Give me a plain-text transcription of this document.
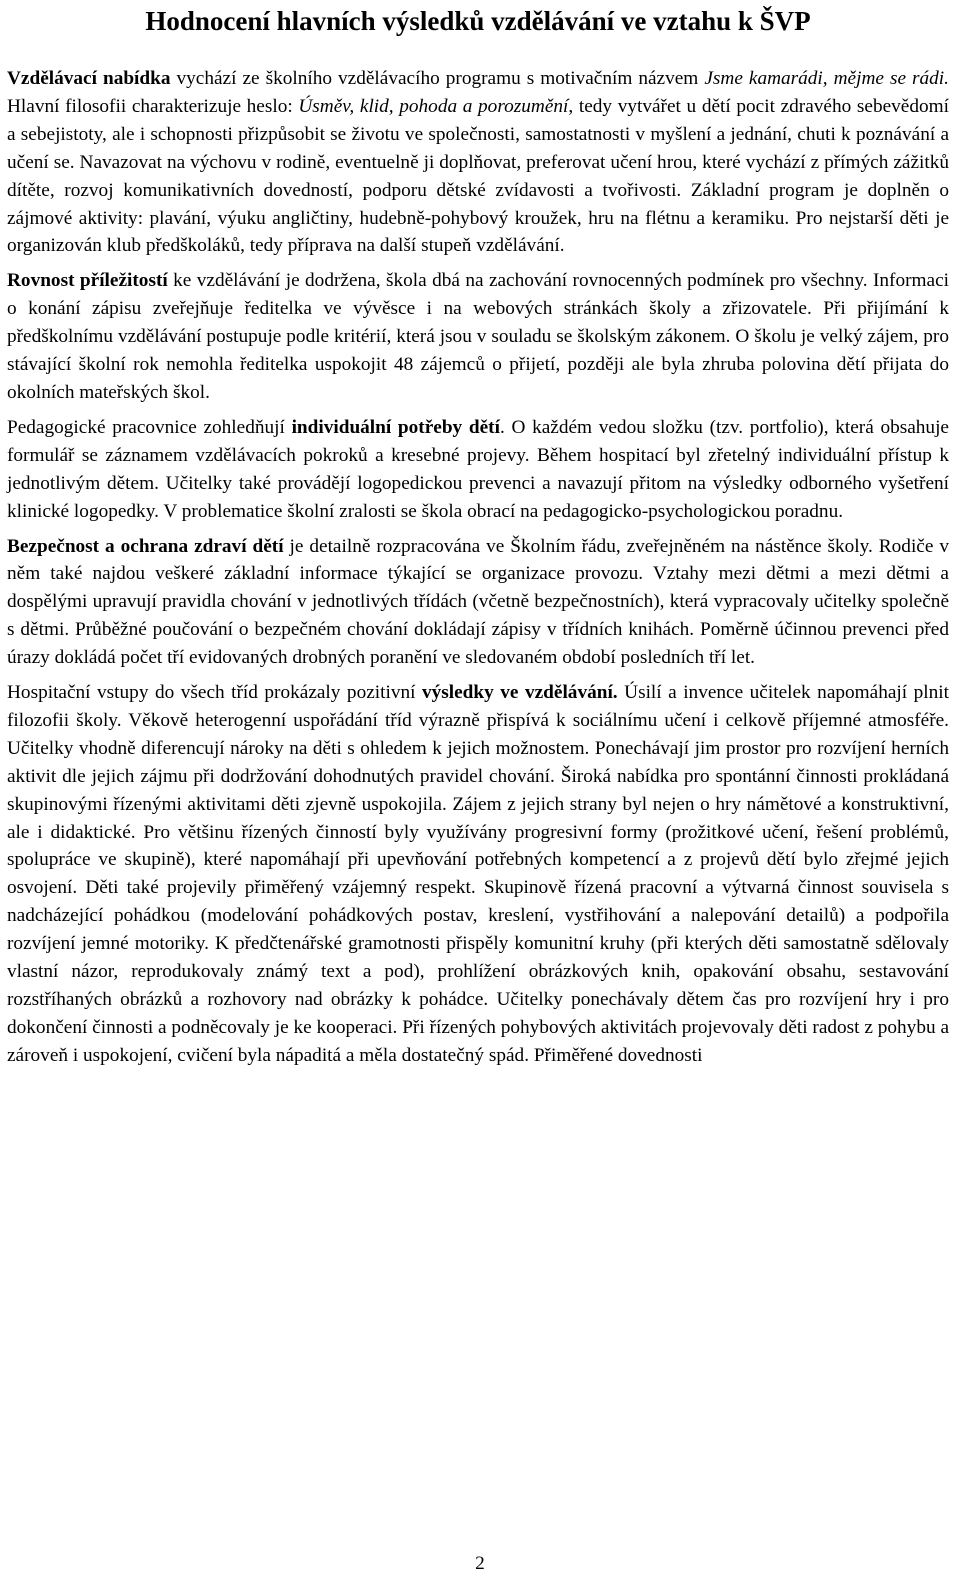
Hodnocení hlavních výsledků vzdělávání ve vztahu k ŠVP

Vzdělávací nabídka vychází ze školního vzdělávacího programu s motivačním názvem Jsme kamarádi, mějme se rádi. Hlavní filosofii charakterizuje heslo: Úsměv, klid, pohoda a porozumění, tedy vytvářet u dětí pocit zdravého sebevědomí a sebejistoty, ale i schopnosti přizpůsobit se životu ve společnosti, samostatnosti v myšlení a jednání, chuti k poznávání a učení se. Navazovat na výchovu v rodině, eventuelně ji doplňovat, preferovat učení hrou, které vychází z přímých zážitků dítěte, rozvoj komunikativních dovedností, podporu dětské zvídavosti a tvořivosti. Základní program je doplněn o zájmové aktivity: plavání, výuku angličtiny, hudebně-pohybový kroužek, hru na flétnu a keramiku. Pro nejstarší děti je organizován klub předškoláků, tedy příprava na další stupeň vzdělávání.

Rovnost příležitostí ke vzdělávání je dodržena, škola dbá na zachování rovnocenných podmínek pro všechny. Informaci o konání zápisu zveřejňuje ředitelka ve vývěsce i na webových stránkách školy a zřizovatele. Při přijímání k předškolnímu vzdělávání postupuje podle kritérií, která jsou v souladu se školským zákonem. O školu je velký zájem, pro stávající školní rok nemohla ředitelka uspokojit 48 zájemců o přijetí, později ale byla zhruba polovina dětí přijata do okolních mateřských škol.

Pedagogické pracovnice zohledňují individuální potřeby dětí. O každém vedou složku (tzv. portfolio), která obsahuje formulář se záznamem vzdělávacích pokroků a kresebné projevy. Během hospitací byl zřetelný individuální přístup k jednotlivým dětem. Učitelky také provádějí logopedickou prevenci a navazují přitom na výsledky odborného vyšetření klinické logopedky. V problematice školní zralosti se škola obrací na pedagogicko-psychologickou poradnu.

Bezpečnost a ochrana zdraví dětí je detailně rozpracována ve Školním řádu, zveřejněném na nástěnce školy. Rodiče v něm také najdou veškeré základní informace týkající se organizace provozu. Vztahy mezi dětmi a mezi dětmi a dospělými upravují pravidla chování v jednotlivých třídách (včetně bezpečnostních), která vypracovaly učitelky společně s dětmi. Průběžné poučování o bezpečném chování dokládají zápisy v třídních knihách. Poměrně účinnou prevenci před úrazy dokládá počet tří evidovaných drobných poranění ve sledovaném období posledních tří let.

Hospitační vstupy do všech tříd prokázaly pozitivní výsledky ve vzdělávání. Úsilí a invence učitelek napomáhají plnit filozofii školy. Věkově heterogenní uspořádání tříd výrazně přispívá k sociálnímu učení i celkově příjemné atmosféře. Učitelky vhodně diferencují nároky na děti s ohledem k jejich možnostem. Ponechávají jim prostor pro rozvíjení herních aktivit dle jejich zájmu při dodržování dohodnutých pravidel chování. Široká nabídka pro spontánní činnosti prokládaná skupinovými řízenými aktivitami děti zjevně uspokojila. Zájem z jejich strany byl nejen o hry námětové a konstruktivní, ale i didaktické. Pro většinu řízených činností byly využívány progresivní formy (prožitkové učení, řešení problémů, spolupráce ve skupině), které napomáhají při upevňování potřebných kompetencí a z projevů dětí bylo zřejmé jejich osvojení. Děti také projevily přiměřený vzájemný respekt. Skupinově řízená pracovní a výtvarná činnost souvisela s nadcházející pohádkou (modelování pohádkových postav, kreslení, vystřihování a nalepování detailů) a podpořila rozvíjení jemné motoriky. K předčtenářské gramotnosti přispěly komunitní kruhy (při kterých děti samostatně sdělovaly vlastní názor, reprodukovaly známý text a pod), prohlížení obrázkových knih, opakování obsahu, sestavování rozstříhaných obrázků a rozhovory nad obrázky k pohádce. Učitelky ponechávaly dětem čas pro rozvíjení hry i pro dokončení činnosti a podněcovaly je ke kooperaci. Při řízených pohybových aktivitách projevovaly děti radost z pohybu a zároveň i uspokojení, cvičení byla nápaditá a měla dostatečný spád. Přiměřené dovednosti

2
